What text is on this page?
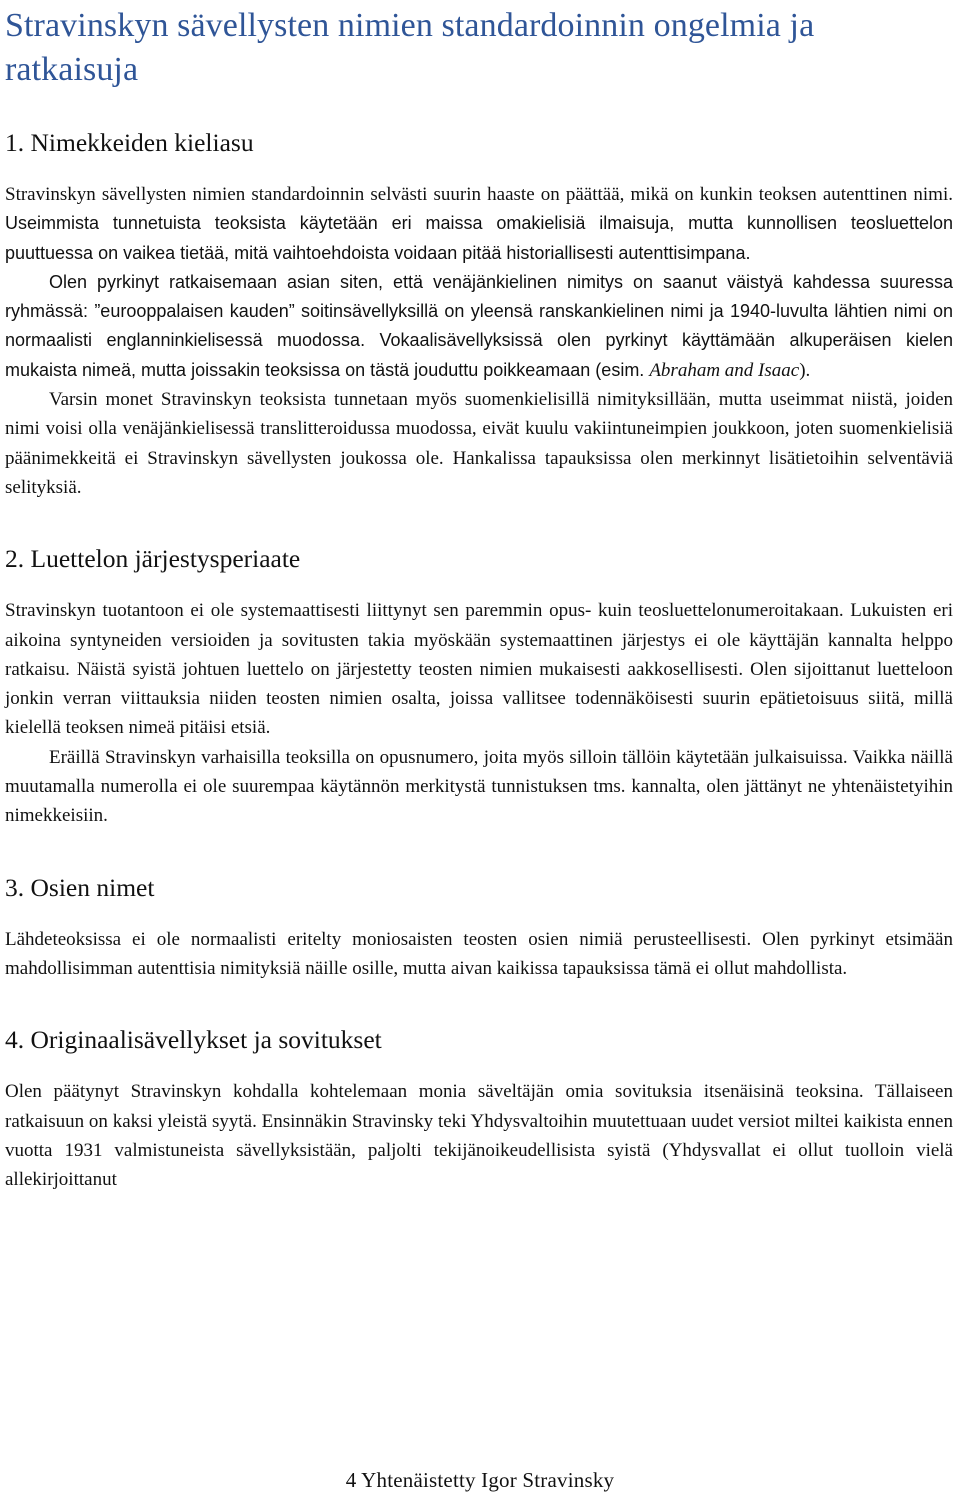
Stravinskyn sävellysten nimien standardoinnin ongelmia ja ratkaisuja
1. Nimekkeiden kieliasu

Stravinskyn sävellysten nimien standardoinnin selvästi suurin haaste on päättää, mikä on kunkin teoksen autenttinen nimi. Useimmista tunnetuista teoksista käytetään eri maissa omakielisiä ilmaisuja, mutta kunnollisen teosluettelon puuttuessa on vaikea tietää, mitä vaihtoehdoista voidaan pitää historiallisesti autenttisimpana.

Olen pyrkinyt ratkaisemaan asian siten, että venäjänkielinen nimitys on saanut väistyä kahdessa suuressa ryhmässä: ”eurooppalaisen kauden” soitinsävellyksillä on yleensä ranskankielinen nimi ja 1940-luvulta lähtien nimi on normaalisti englanninkielisessä muodossa. Vokaalisävellyksissä olen pyrkinyt käyttämään alkuperäisen kielen mukaista nimeä, mutta joissakin teoksissa on tästä jouduttu poikkeamaan (esim. Abraham and Isaac).

Varsin monet Stravinskyn teoksista tunnetaan myös suomenkielisillä nimityksillään, mutta useimmat niistä, joiden nimi voisi olla venäjänkielisessä translitteroidussa muodossa, eivät kuulu vakiintuneimpien joukkoon, joten suomenkielisiä päänimekkeitä ei Stravinskyn sävellysten joukossa ole. Hankalissa tapauksissa olen merkinnyt lisätietoihin selventäviä selityksiä.

2. Luettelon järjestysperiaate

Stravinskyn tuotantoon ei ole systemaattisesti liittynyt sen paremmin opus- kuin teosluettelonumeroitakaan. Lukuisten eri aikoina syntyneiden versioiden ja sovitusten takia myöskään systemaattinen järjestys ei ole käyttäjän kannalta helppo ratkaisu. Näistä syistä johtuen luettelo on järjestetty teosten nimien mukaisesti aakkosellisesti. Olen sijoittanut luetteloon jonkin verran viittauksia niiden teosten nimien osalta, joissa vallitsee todennäköisesti suurin epätietoisuus siitä, millä kielellä teoksen nimeä pitäisi etsiä.

Eräillä Stravinskyn varhaisilla teoksilla on opusnumero, joita myös silloin tällöin käytetään julkaisuissa. Vaikka näillä muutamalla numerolla ei ole suurempaa käytännön merkitystä tunnistuksen tms. kannalta, olen jättänyt ne yhtenäistetyihin nimekkeisiin.

3. Osien nimet

Lähdeteoksissa ei ole normaalisti eritelty moniosaisten teosten osien nimiä perusteellisesti. Olen pyrkinyt etsimään mahdollisimman autenttisia nimityksiä näille osille, mutta aivan kaikissa tapauksissa tämä ei ollut mahdollista.

4. Originaalisävellykset ja sovitukset

Olen päätynyt Stravinskyn kohdalla kohtelemaan monia säveltäjän omia sovituksia itsenäisinä teoksina. Tällaiseen ratkaisuun on kaksi yleistä syytä. Ensinnäkin Stravinsky teki Yhdysvaltoihin muutettuaan uudet versiot miltei kaikista ennen vuotta 1931 valmistuneista sävellyksistään, paljolti tekijänoikeudellisista syistä (Yhdysvallat ei ollut tuolloin vielä allekirjoittanut

4 Yhtenäistetty Igor Stravinsky
